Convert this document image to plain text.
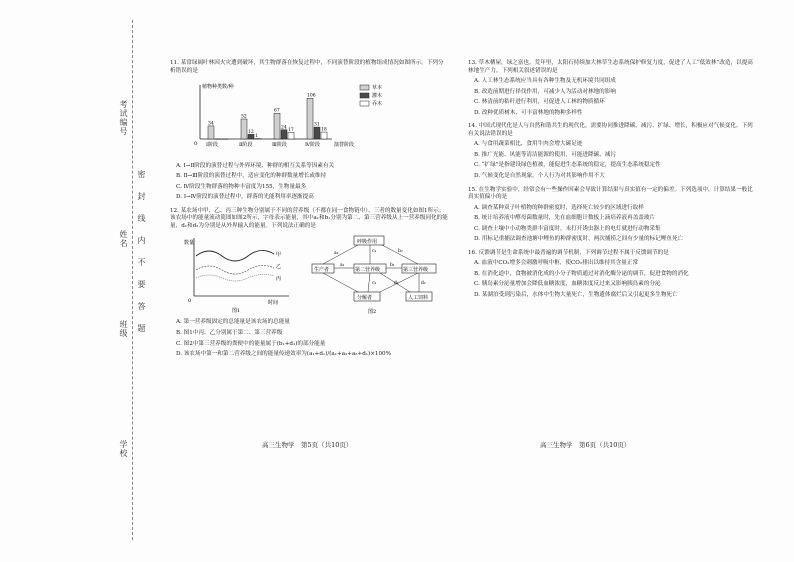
考试编号
姓名
班级
学校
密
封
线
内
不
要
答
题
11. 某常绿阔叶林因火灾遭到破坏，其生物群落在恢复过程中，不同演替阶段的植物组成情况如图所示。下列分析错误的是
植物种类数/种
0	演替阶段
34
Ⅰ阶段
52
12
1
Ⅱ阶段
67
24
17
Ⅲ阶段
106
31
18
Ⅳ阶段
草本
灌木
乔木
A. Ⅰ→Ⅱ阶段的演替过程与外界环境、种群的相互关系等因素有关
B. Ⅱ→Ⅲ阶段的演替过程中，适应变化的种群数量增长或维持
C. Ⅳ阶段生物群落的物种丰富度为155，生物量最多
D. Ⅰ→Ⅳ阶段的演替过程中，群落的光能利用率逐渐提高
12. 某农场中甲、乙、丙三种生物分别属于不同的营养级（不都在同一食物链中），三者的数量变化如图1所示；该农场中的能量流动简图如图2所示，字母表示能量，其中a₁和b₁分别为第二、第三营养级从上一营养级同化的能量，d₁和d₂为分别是从外界输入的能量。下列说法正确的是
数量
0	时间
甲
乙
丙
图1
呼吸作用
生产者	第二营养级	第三营养级
分解者	人工饲料
a₁	b₁
c₁
d₁
a₂	b₂
c₂	d₂
图2
A. 第一营养级固定的总能量是该农场的总能量
B. 图1中丙、乙分别属于第二、第三营养级
C. 图2中第三营养级的粪便中的能量属于(b₁+d₁)的部分能量
D. 该农场中第一和第二营养级之间的能量传递效率为(a₁+d₁)/(a₁+a₂+a₃+d₁)×100%
13. 草木栖屋，绿之富也。荒年里，太阳石持续加大林草生态系统保护修复力度，促进了人工“低效林”改造，以提高林地生产力。下列相关叙述错误的是
A. 人工林生态系统应当具有各种生物及无机环境共同组成
B. 改造前期进行择伐作用，可减少人为活动对林地的影响
C. 林清前的秸秆进行利用，可促进人工林的物质循环
D. 改种优质树木，可丰富林地的物种多样性
14. 中国式现代化是人与自然和谐共生的现代化，需要协同推进降碳、减污、扩绿、增长，积极应对气候变化。下列有关说法错误的是
A. 与食用蔬菜相比，食用牛肉会增大碳足迹
B. 推广光能、风能等清洁能源的使用，可能进降碳、减污
C. “扩绿”是指建设绿色植被，能促进生态系统的稳定，提高生态系统稳定性
D. 气候变化是自然现象，个人行为对其影响作用不大
15. 在生物学实验中，经常会有一些操作因素会导致计算结果与真实值有一定的偏差。下列选项中，计算结果一般比真实值偏小的是
A. 调查某种双子叶植物的种群密度时，选择死亡较少的区域进行取样
B. 统计培养液中酵母菌数量时，先在血细胞计数板上滴培养液再盖盖玻片
C. 调查土壤中小动物类群丰富度时，未打开诱虫器上的电灯就进行动物采集
D. 用标记重捕法调查池塘中鲤鱼的种群密度时，两次捕捞之间有少量的标记鲤鱼死亡
16. 反馈调节是生命系统中最普遍的调节机制，下列调节过程不属于反馈调节的是
A. 血液中CO₂增多会刺激呼吸中枢，使CO₂排出以维持其含量正常
B. 在消化道中，食物被消化成的小分子物质通过对消化酶分泌的调节，促进食物的消化
C. 胰岛素分泌量增加会降低血糖浓度，血糖浓度反过来又影响胰岛素的分泌
D. 某湖泊受到污染后，水体中生物大量死亡，生物遗体腐烂后又引起更多生物死亡
高三生物学　第5页（共10页）	高三生物学　第6页（共10页）
